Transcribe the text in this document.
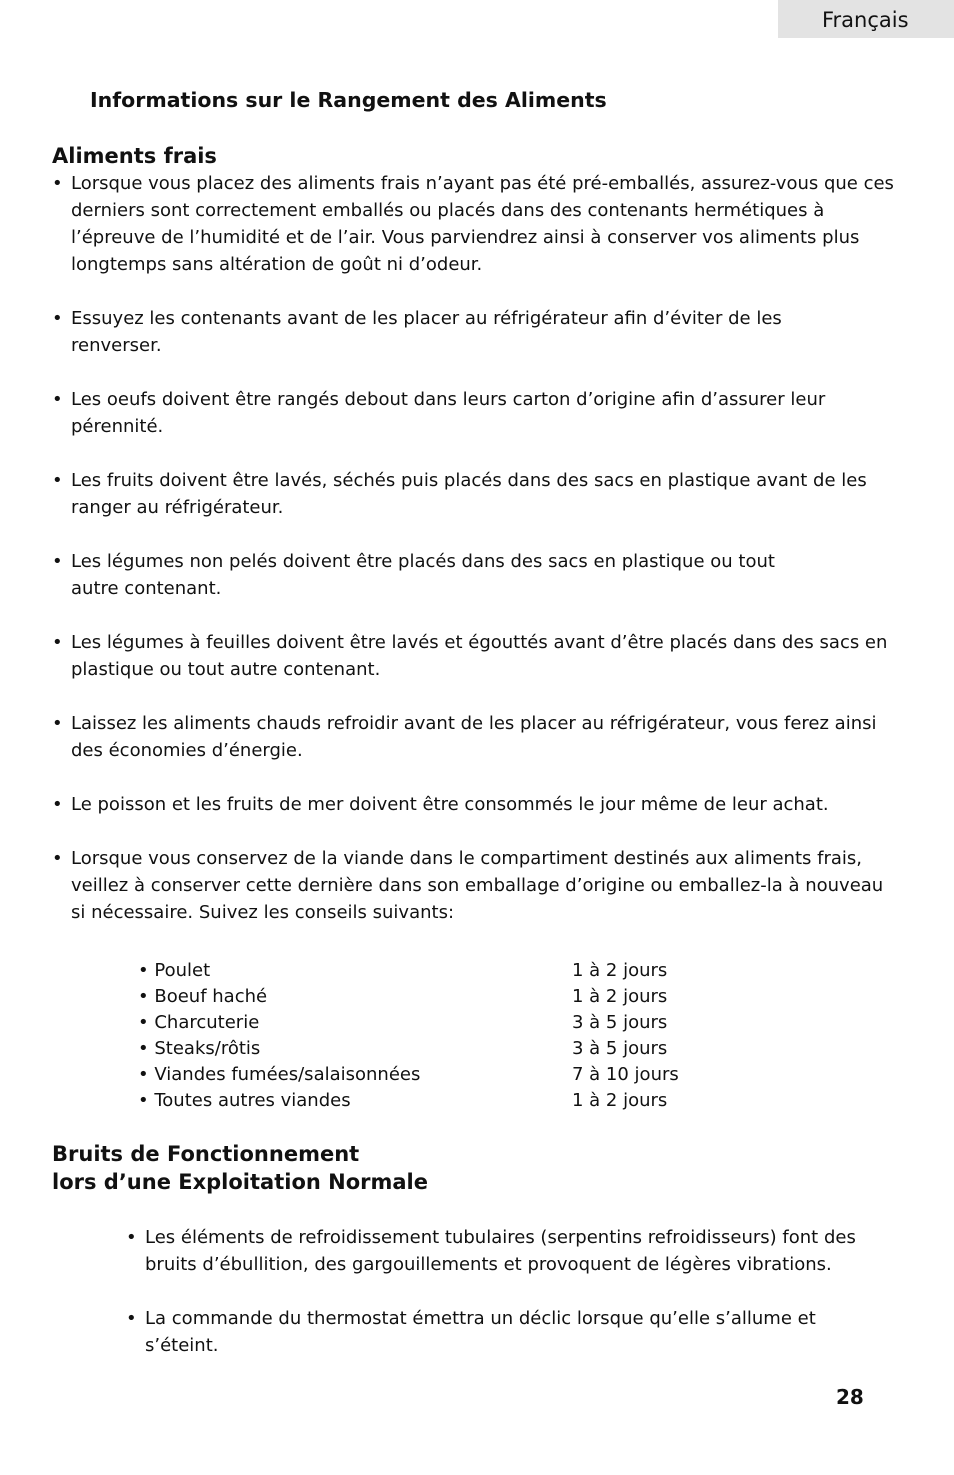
Français
Informations sur le Rangement des Aliments
Aliments frais
• Lorsque vous placez des aliments frais n’ayant pas été pré-emballés, assurez-vous que ces derniers sont correctement emballés ou placés dans des contenants hermétiques à l’épreuve de l’humidité et de l’air. Vous parviendrez ainsi à conserver vos aliments plus longtemps sans altération de goût ni d’odeur.
• Essuyez les contenants avant de les placer au réfrigérateur afin d’éviter de les renverser.
• Les oeufs doivent être rangés debout dans leurs carton d’origine afin d’assurer leur pérennité.
• Les fruits doivent être lavés, séchés puis placés dans des sacs en plastique avant de les ranger au réfrigérateur.
• Les légumes non pelés doivent être placés dans des sacs en plastique ou tout autre contenant.
• Les légumes à feuilles doivent être lavés et égouttés avant d’être placés dans des sacs en plastique ou tout autre contenant.
• Laissez les aliments chauds refroidir avant de les placer au réfrigérateur, vous ferez ainsi des économies d’énergie.
• Le poisson et les fruits de mer doivent être consommés le jour même de leur achat.
• Lorsque vous conservez de la viande dans le compartiment destinés aux aliments frais, veillez à conserver cette dernière dans son emballage d’origine ou emballez-la à nouveau si nécessaire. Suivez les conseils suivants:
• Poulet	1 à 2 jours
• Boeuf haché	1 à 2 jours
• Charcuterie	3 à 5 jours
• Steaks/rôtis	3 à 5 jours
• Viandes fumées/salaisonnées	7 à 10 jours
• Toutes autres viandes	1 à 2 jours
Bruits de Fonctionnement
lors d’une Exploitation Normale
• Les éléments de refroidissement tubulaires (serpentins refroidisseurs) font des bruits d’ébullition, des gargouillements et provoquent de légères vibrations.
• La commande du thermostat émettra un déclic lorsque qu’elle s’allume et s’éteint.
28
